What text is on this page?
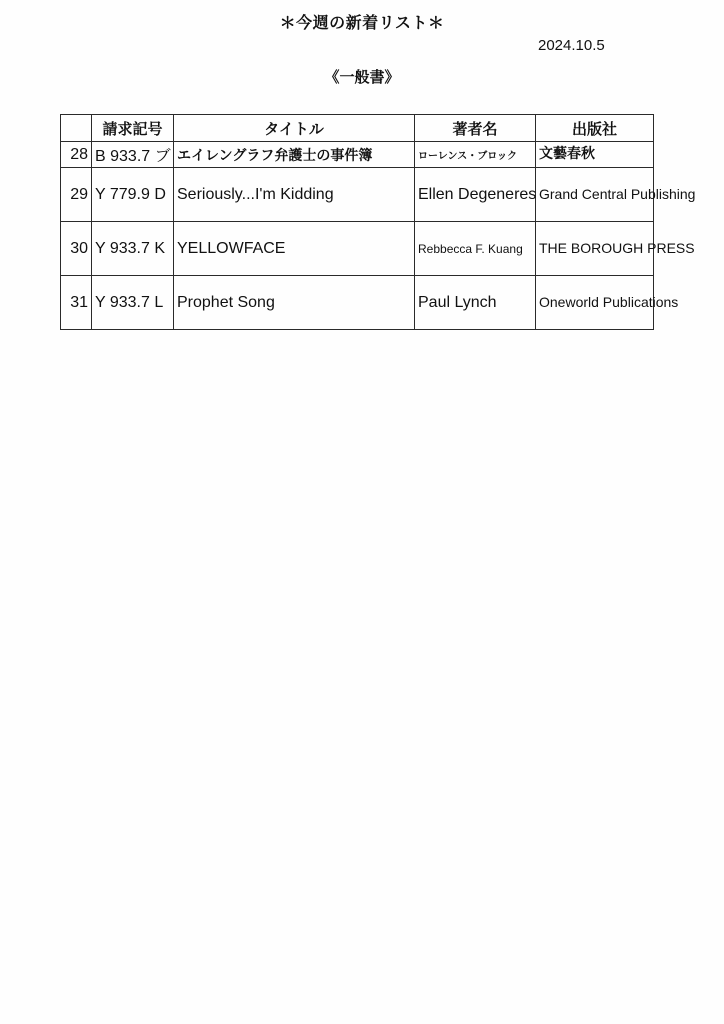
＊今週の新着リスト＊
2024.10.5
《一般書》
	請求記号	タイトル	著者名	出版社
28	B 933.7 ブ	エイレングラフ弁護士の事件簿	ローレンス・ブロック	文藝春秋
29	Y 779.9 D	Seriously...I'm Kidding	Ellen Degeneres	Grand Central Publishing
30	Y 933.7 K	YELLOWFACE	Rebbecca F. Kuang	THE BOROUGH PRESS
31	Y 933.7 L	Prophet Song	Paul Lynch	Oneworld Publications
